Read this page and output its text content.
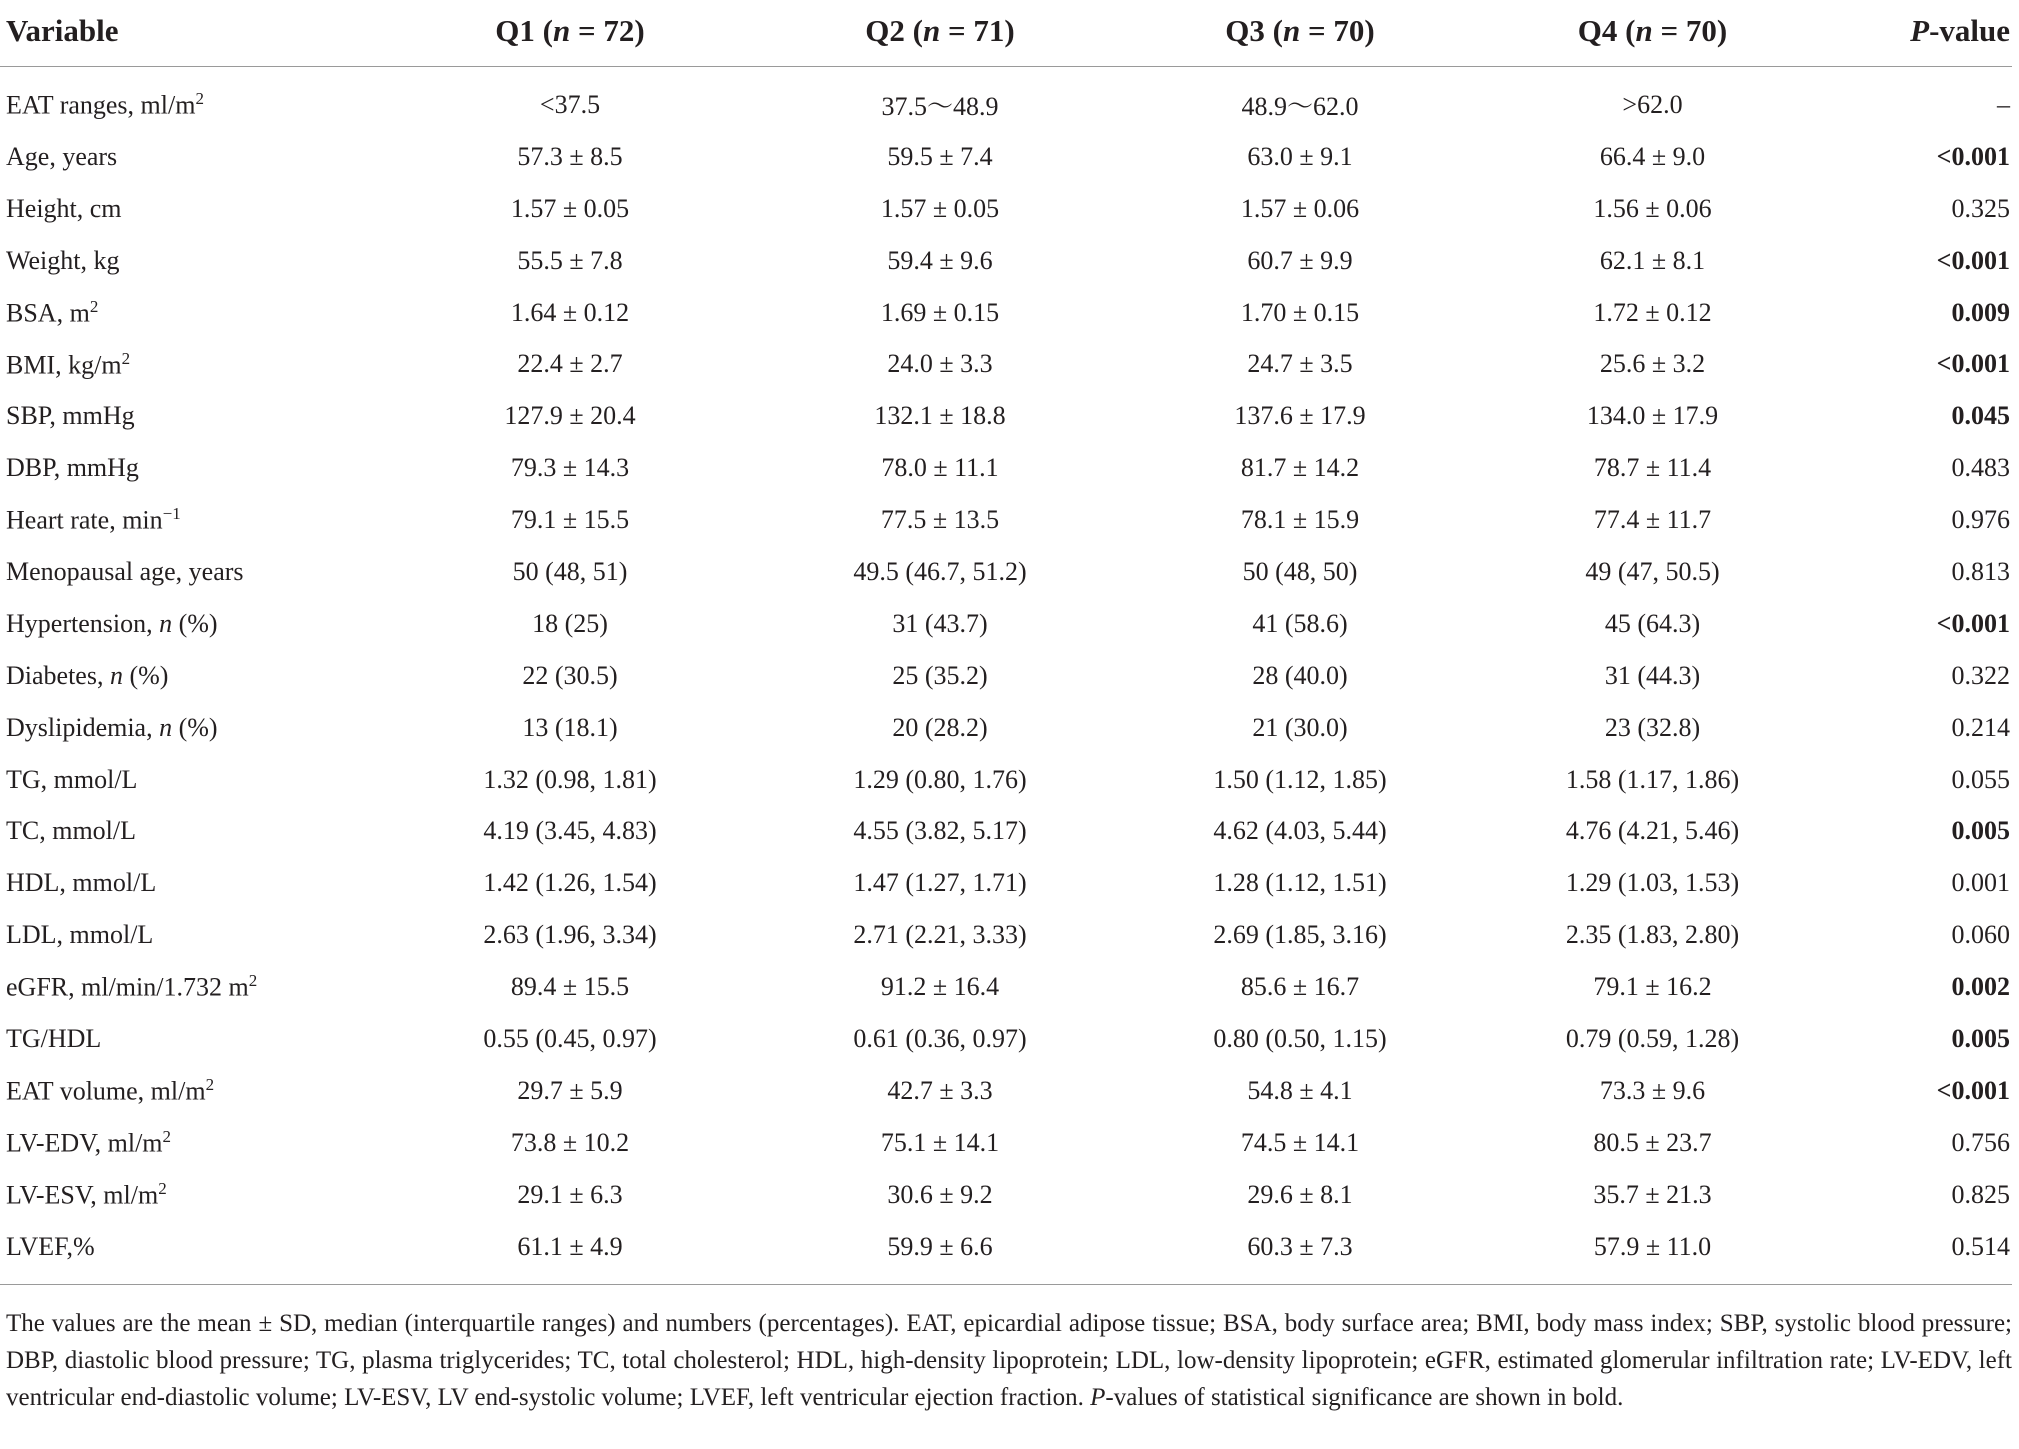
Variable	Q1 (n = 72)	Q2 (n = 71)	Q3 (n = 70)	Q4 (n = 70)	P-value
EAT ranges, $ml/m^2$	<37.5	37.5～48.9	48.9～62.0	>62.0	–
Age, years	57.3 ± 8.5	59.5 ± 7.4	63.0 ± 9.1	66.4 ± 9.0	<0.001
Height, cm	1.57 ± 0.05	1.57 ± 0.05	1.57 ± 0.06	1.56 ± 0.06	0.325
Weight, kg	55.5 ± 7.8	59.4 ± 9.6	60.7 ± 9.9	62.1 ± 8.1	<0.001
BSA, $m^2$	1.64 ± 0.12	1.69 ± 0.15	1.70 ± 0.15	1.72 ± 0.12	0.009
BMI, $kg/m^2$	22.4 ± 2.7	24.0 ± 3.3	24.7 ± 3.5	25.6 ± 3.2	<0.001
SBP, mmHg	127.9 ± 20.4	132.1 ± 18.8	137.6 ± 17.9	134.0 ± 17.9	0.045
DBP, mmHg	79.3 ± 14.3	78.0 ± 11.1	81.7 ± 14.2	78.7 ± 11.4	0.483
Heart rate, $\min^{-1}$	79.1 ± 15.5	77.5 ± 13.5	78.1 ± 15.9	77.4 ± 11.7	0.976
Menopausal age, years	50 (48, 51)	49.5 (46.7, 51.2)	50 (48, 50)	49 (47, 50.5)	0.813
Hypertension, n (%)	18 (25)	31 (43.7)	41 (58.6)	45 (64.3)	<0.001
Diabetes, n (%)	22 (30.5)	25 (35.2)	28 (40.0)	31 (44.3)	0.322
Dyslipidemia, n (%)	13 (18.1)	20 (28.2)	21 (30.0)	23 (32.8)	0.214
TG, mmol/L	1.32 (0.98, 1.81)	1.29 (0.80, 1.76)	1.50 (1.12, 1.85)	1.58 (1.17, 1.86)	0.055
TC, mmol/L	4.19 (3.45, 4.83)	4.55 (3.82, 5.17)	4.62 (4.03, 5.44)	4.76 (4.21, 5.46)	0.005
HDL, mmol/L	1.42 (1.26, 1.54)	1.47 (1.27, 1.71)	1.28 (1.12, 1.51)	1.29 (1.03, 1.53)	0.001
LDL, mmol/L	2.63 (1.96, 3.34)	2.71 (2.21, 3.33)	2.69 (1.85, 3.16)	2.35 (1.83, 2.80)	0.060
eGFR, ml/min/1.732 $m^2$	89.4 ± 15.5	91.2 ± 16.4	85.6 ± 16.7	79.1 ± 16.2	0.002
TG/HDL	0.55 (0.45, 0.97)	0.61 (0.36, 0.97)	0.80 (0.50, 1.15)	0.79 (0.59, 1.28)	0.005
EAT volume, $ml/m^2$	29.7 ± 5.9	42.7 ± 3.3	54.8 ± 4.1	73.3 ± 9.6	<0.001
LV-EDV, $ml/m^2$	73.8 ± 10.2	75.1 ± 14.1	74.5 ± 14.1	80.5 ± 23.7	0.756
LV-ESV, $ml/m^2$	29.1 ± 6.3	30.6 ± 9.2	29.6 ± 8.1	35.7 ± 21.3	0.825
LVEF,%	61.1 ± 4.9	59.9 ± 6.6	60.3 ± 7.3	57.9 ± 11.0	0.514
The values are the mean ± SD, median (interquartile ranges) and numbers (percentages). EAT, epicardial adipose tissue; BSA, body surface area; BMI, body mass index; SBP, systolic blood pressure; DBP, diastolic blood pressure; TG, plasma triglycerides; TC, total cholesterol; HDL, high-density lipoprotein; LDL, low-density lipoprotein; eGFR, estimated glomerular infiltration rate; LV-EDV, left ventricular end-diastolic volume; LV-ESV, LV end-systolic volume; LVEF, left ventricular ejection fraction. P-values of statistical significance are shown in bold.
